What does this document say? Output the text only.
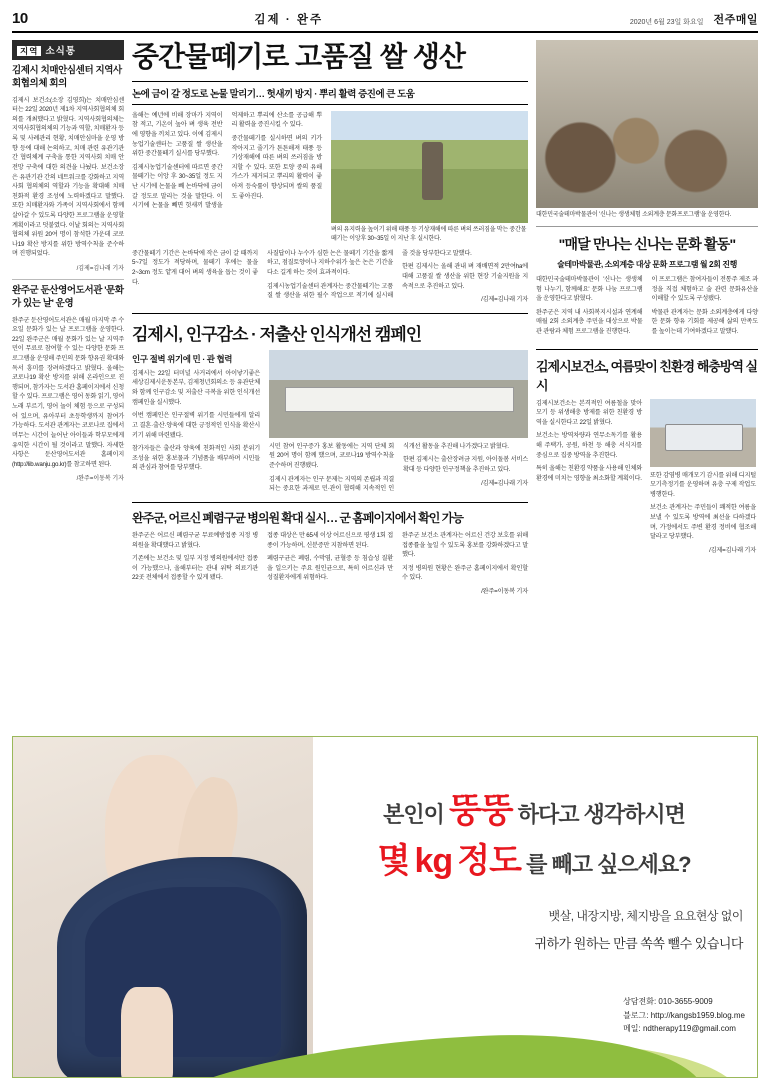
10	김제 · 완주	2020년 6월 23일 화요일 전주매일
지역 소식통
김제시 치매안심센터 지역사회협의체 회의
김제시 보건소(소장 김영희)는 치매안심센터는 22일 2020년 제1차 지역사회협의체 회의를 개최했다고 밝혔다. 지역사회협의체는 지역사회협의체의 기능과 역할, 치매환자 등록 및 사례관리 현황, 치매안심마을 운영 방향 등에 대해 논의하고, 치매 관련 유관기관 간 협력체계 구축을 통한 지역사회 치매 안전망 구축에 대한 의견을 나눴다. 보건소장은 유관기관 간의 네트워크를 강화하고 지역사회 협의체의 역할과 기능을 확대해 치매 친화적 환경 조성에 노력하겠다고 말했다. 또한 치매환자와 가족이 지역사회에서 함께 살아갈 수 있도록 다양한 프로그램을 운영할 계획이라고 덧붙였다. 이날 회의는 지역사회 협의체 위원 20여 명이 참석한 가운데 코로나19 확산 방지를 위한 방역수칙을 준수하며 진행되었다.
/김제=김나래 기자
완주군 둔산영어도서관 '문화가 있는 날' 운영
완주군 둔산영어도서관은 매월 마지막 주 수요일 문화가 있는 날 프로그램을 운영한다. 22일 완주군은 매월 문화가 있는 날 지역주민이 무료로 참여할 수 있는 다양한 문화 프로그램을 운영해 주민의 문화 향유권 확대와 독서 흥미를 장려하겠다고 밝혔다. 올해는 코로나19 확산 방지를 위해 온라인으로 진행되며, 참가자는 도서관 홈페이지에서 신청할 수 있다. 프로그램은 영어 동화 읽기, 영어 노래 부르기, 영어 놀이 체험 등으로 구성되어 있으며, 유아부터 초등학생까지 참여가 가능하다. 도서관 관계자는 코로나로 집에서 머무는 시간이 늘어난 아이들과 학부모에게 유익한 시간이 될 것이라고 말했다. 자세한 사항은 둔산영어도서관 홈페이지(http://lib.wanju.go.kr)를 참고하면 된다.
/완주=이동복 기자
중간물떼기로 고품질 쌀 생산
논에 금이 갈 정도로 논물 말리기… 헛새끼 방지 · 뿌리 활력 증진에 큰 도움

올해는 예년에 비해 장마가 지역이 참 적고, 기온이 높아 벼 생육 전반에 영향을 끼치고 있다. 이에 김제시농업기술센터는 고품질 쌀 생산을 위한 중간물떼기 실시를 당부했다.

김제시농업기술센터에 따르면 중간물떼기는 이앙 후 30~35일 정도 지난 시기에 논물을 빼 논바닥에 금이 갈 정도로 말리는 것을 말한다. 이 시기에 논물을 빼면 헛새끼 발생을 억제하고 뿌리에 산소를 공급해 뿌리 활력을 증진시킬 수 있다.

중간물떼기를 실시하면 벼의 키가 작아지고 줄기가 튼튼해져 태풍 등 기상재해에 따른 벼의 쓰러짐을 방지할 수 있다. 또한 토양 중의 유해가스가 제거되고 뿌리의 활력이 좋아져 등숙률이 향상되며 쌀의 품질도 좋아진다.

벼의 유지력을 높이기 위해 태풍 등 기상재해에 따른 벼의 쓰러짐을 막는 중간물떼기는 이앙후 30~35일 이 지난 후 실시한다.

중간물떼기 기간은 논바닥에 작은 금이 갈 때까지 5~7일 정도가 적당하며, 물떼기 후에는 물을 2~3cm 정도 얕게 대어 벼의 생육을 돕는 것이 좋다.

사질답이나 누수가 심한 논은 물떼기 기간을 짧게 하고, 점질토양이나 지하수위가 높은 논은 기간을 다소 길게 하는 것이 효과적이다.

김제시농업기술센터 관계자는 중간물떼기는 고품질 쌀 생산을 위한 필수 작업으로 적기에 실시해 줄 것을 당부한다고 말했다.

한편 김제시는 올해 관내 벼 재배면적 2만여ha에 대해 고품질 쌀 생산을 위한 현장 기술지원을 지속적으로 추진하고 있다.

/김제=김나래 기자

김제시, 인구감소 · 저출산 인식개선 캠페인
인구 절벽 위기에 민 · 관 협력

김제시는 22일 터미널 사거리에서 아이낳기좋은세상김제시운동본부, 김제청년회의소 등 유관단체와 함께 인구감소 및 저출산 극복을 위한 인식개선 캠페인을 실시했다.

이번 캠페인은 인구절벽 위기를 시민들에게 알리고 결혼·출산·양육에 대한 긍정적인 인식을 확산시키기 위해 마련됐다.

참가자들은 출산과 양육에 친화적인 사회 분위기 조성을 위한 홍보물과 기념품을 배부하며 시민들의 관심과 참여를 당부했다.

시민 참여 인구증가 홍보 활동에는 지역 단체 회원 20여 명이 함께 했으며, 코로나19 방역수칙을 준수하며 진행됐다.

김제시 관계자는 인구 문제는 지역의 존립과 직결되는 중요한 과제로 민·관이 협력해 지속적인 인식개선 활동을 추진해 나가겠다고 밝혔다.

한편 김제시는 출산장려금 지원, 아이돌봄 서비스 확대 등 다양한 인구정책을 추진하고 있다.

/김제=김나래 기자

완주군, 어르신 폐렴구균 병의원 확대 실시… 군 홈페이지에서 확인 가능

완주군은 어르신 폐렴구균 무료예방접종 지정 병의원을 확대했다고 밝혔다.

기존에는 보건소 및 일부 지정 병의원에서만 접종이 가능했으나, 올해부터는 관내 위탁 의료기관 22곳 전체에서 접종할 수 있게 됐다.

접종 대상은 만 65세 이상 어르신으로 평생 1회 접종이 가능하며, 신분증만 지참하면 된다.

폐렴구균은 폐렴, 수막염, 균혈증 등 침습성 질환을 일으키는 주요 원인균으로, 특히 어르신과 만성질환자에게 위험하다.

완주군 보건소 관계자는 어르신 건강 보호를 위해 접종률을 높일 수 있도록 홍보를 강화하겠다고 말했다.

지정 병의원 현황은 완주군 홈페이지에서 확인할 수 있다.

/완주=이동복 기자

대한민국술테마박물관이 '신나는 생생체험 소외계층 문화프로그램'을 운영한다.
"매달 만나는 신나는 문화 활동"
술테마박물관, 소외계층 대상 문화 프로그램 월 2회 진행

대한민국술테마박물관이 '신나는 생생체험 나누기, 함께해요' 문화 나눔 프로그램을 운영한다고 밝혔다.

완주군은 지역 내 사회복지시설과 연계해 매월 2회 소외계층 주민을 대상으로 박물관 관람과 체험 프로그램을 진행한다.

이 프로그램은 참여자들이 전통주 제조 과정을 직접 체험하고 술 관련 문화유산을 이해할 수 있도록 구성됐다.

박물관 관계자는 문화 소외계층에게 다양한 문화 향유 기회를 제공해 삶의 만족도를 높이는데 기여하겠다고 말했다.

김제시보건소, 여름맞이 친환경 해충방역 실시

김제시보건소는 본격적인 여름철을 맞아 모기 등 위생해충 방제를 위한 친환경 방역을 실시한다고 22일 밝혔다.

보건소는 방역차량과 연무소독기를 활용해 주택가, 공원, 하천 등 해충 서식지를 중심으로 집중 방역을 추진한다.

특히 올해는 친환경 약품을 사용해 인체와 환경에 미치는 영향을 최소화할 계획이다. 또한 감염병 매개모기 감시를 위해 디지털모기측정기를 운영하며 유충 구제 작업도 병행한다.

보건소 관계자는 주민들이 쾌적한 여름을 보낼 수 있도록 방역에 최선을 다하겠다며, 가정에서도 주변 환경 정비에 협조해 달라고 당부했다.

/김제=김나래 기자

본인이 뚱뚱 하다고 생각하시면
몇 kg 정도 를 빼고 싶으세요?
뱃살, 내장지방, 체지방을 요요현상 없이
귀하가 원하는 만큼 쏙쏙 뺄수 있습니다
상담전화: 010-3655-9009
블로그: http://kangsb1959.blog.me
메일: ndtherapy119@gmail.com
